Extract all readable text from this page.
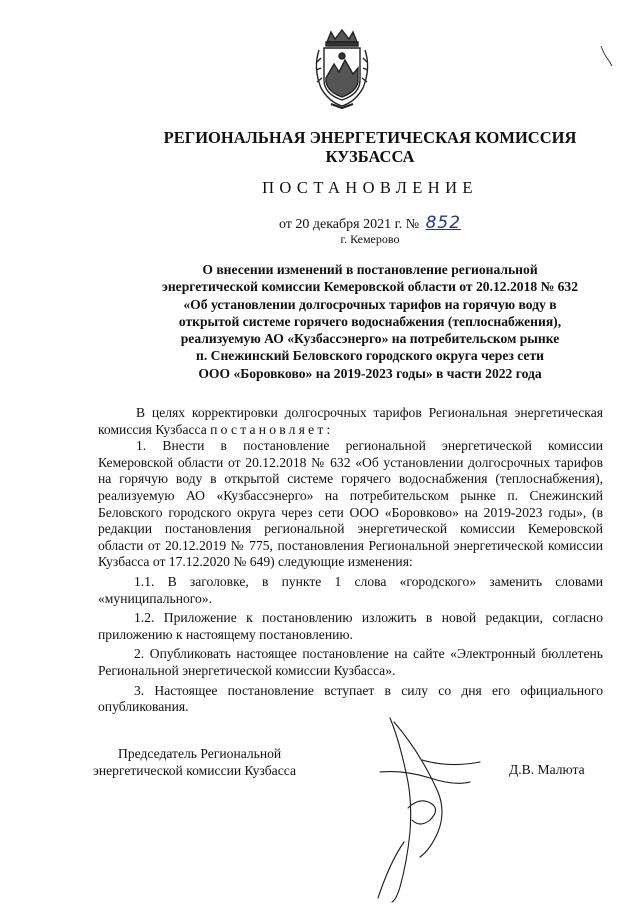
РЕГИОНАЛЬНАЯ ЭНЕРГЕТИЧЕСКАЯ КОМИССИЯ
КУЗБАССА
ПОСТАНОВЛЕНИЕ
от 20 декабря 2021 г. № 852
г. Кемерово
О внесении изменений в постановление региональной
энергетической комиссии Кемеровской области от 20.12.2018 № 632
«Об установлении долгосрочных тарифов на горячую воду в
открытой системе горячего водоснабжения (теплоснабжения),
реализуемую АО «Кузбассэнерго» на потребительском рынке
п. Снежинский Беловского городского округа через сети
ООО «Боровково» на 2019-2023 годы» в части 2022 года

В целях корректировки долгосрочных тарифов Региональная энергетическая комиссия Кузбасса постановляет:

1. Внести в постановление региональной энергетической комиссии Кемеровской области от 20.12.2018 № 632 «Об установлении долгосрочных тарифов на горячую воду в открытой системе горячего водоснабжения (теплоснабжения), реализуемую АО «Кузбассэнерго» на потребительском рынке п. Снежинский Беловского городского округа через сети ООО «Боровково» на 2019-2023 годы», (в редакции постановления региональной энергетической комиссии Кемеровской области от 20.12.2019 № 775, постановления Региональной энергетической комиссии Кузбасса от 17.12.2020 № 649) следующие изменения:

1.1. В заголовке, в пункте 1 слова «городского» заменить словами «муниципального».

1.2. Приложение к постановлению изложить в новой редакции, согласно приложению к настоящему постановлению.

2. Опубликовать настоящее постановление на сайте «Электронный бюллетень Региональной энергетической комиссии Кузбасса».

3. Настоящее постановление вступает в силу со дня его официального опубликования.

Председатель Региональной
энергетической комиссии Кузбасса	Д.В. Малюта
